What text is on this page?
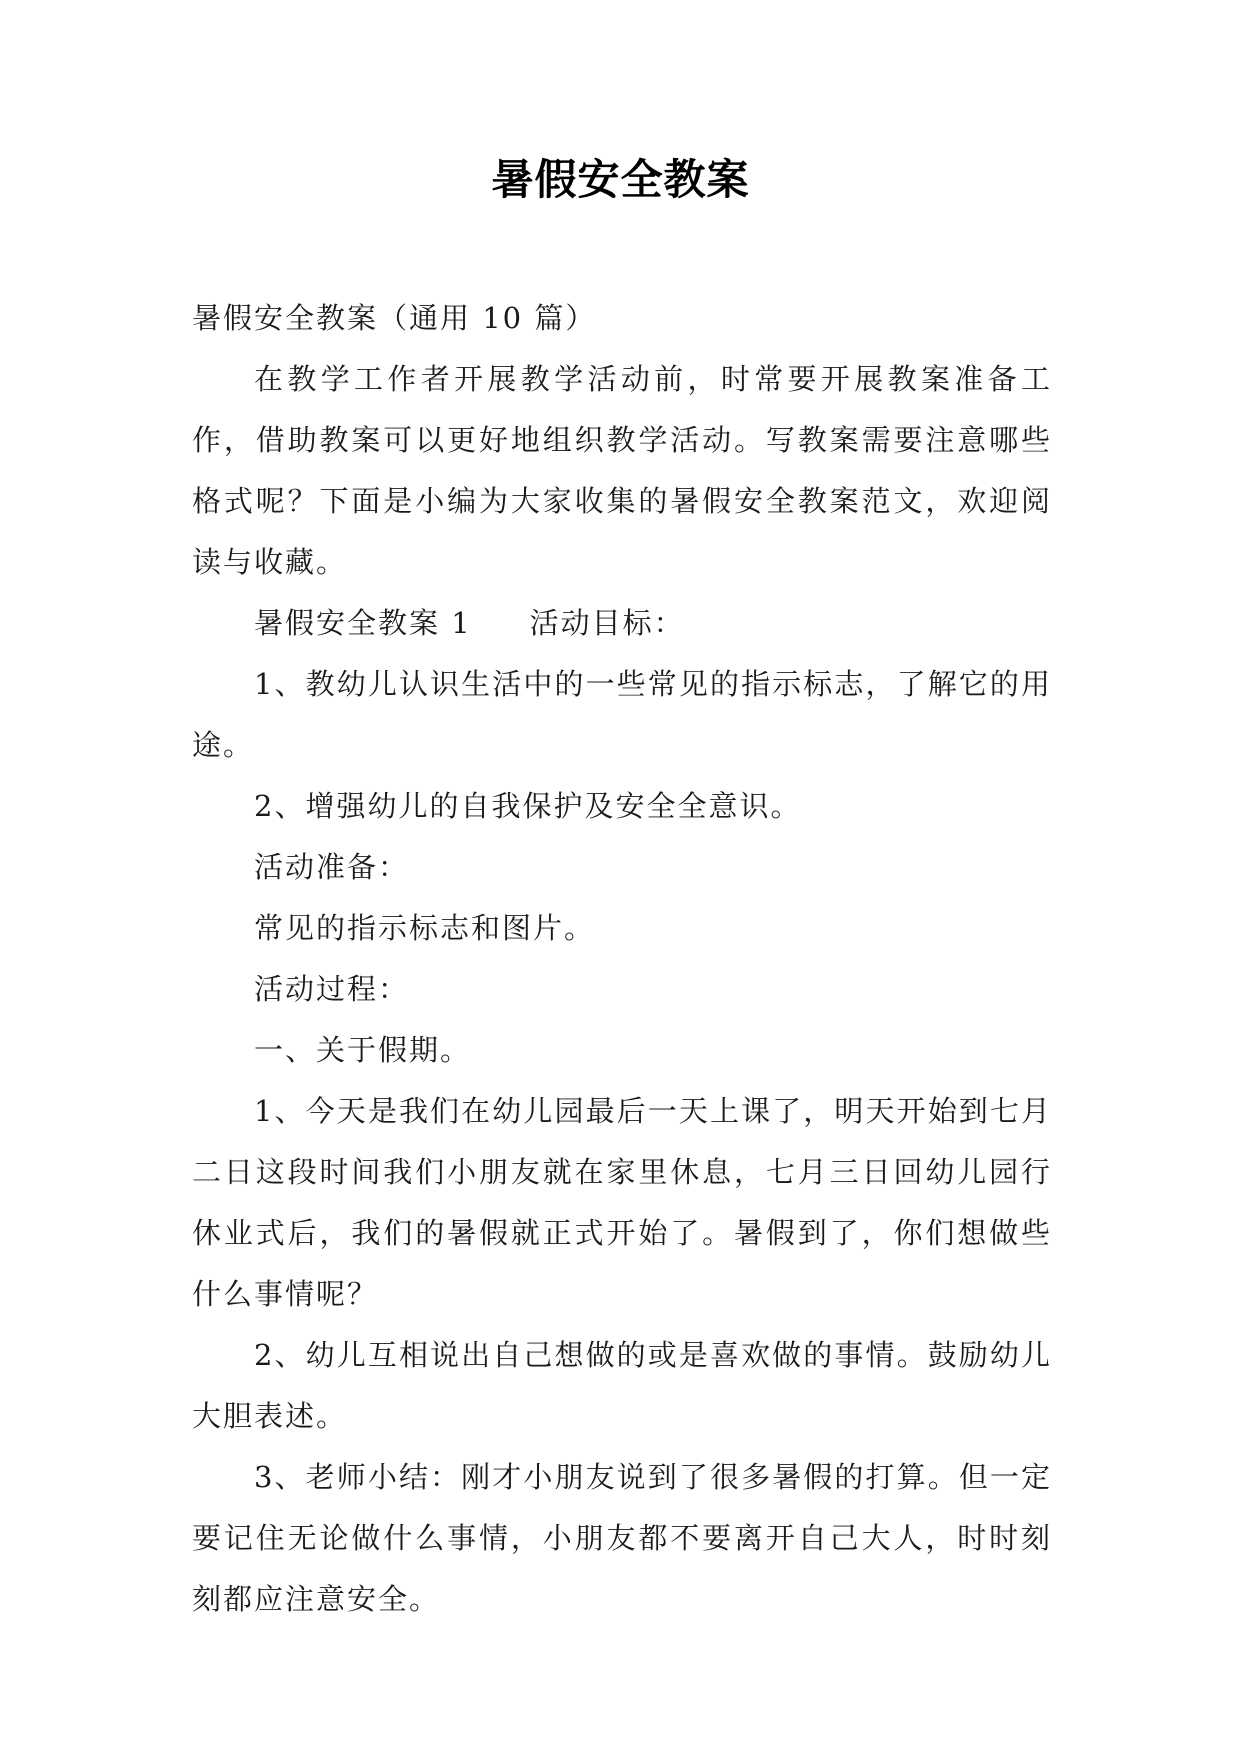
暑假安全教案

暑假安全教案（通用 10 篇）

在教学工作者开展教学活动前，时常要开展教案准备工作，借助教案可以更好地组织教学活动。写教案需要注意哪些格式呢？下面是小编为大家收集的暑假安全教案范文，欢迎阅读与收藏。

暑假安全教案 1 活动目标：

1、教幼儿认识生活中的一些常见的指示标志，了解它的用途。

2、增强幼儿的自我保护及安全全意识。

活动准备：

常见的指示标志和图片。

活动过程：

一、关于假期。

1、今天是我们在幼儿园最后一天上课了，明天开始到七月二日这段时间我们小朋友就在家里休息，七月三日回幼儿园行休业式后，我们的暑假就正式开始了。暑假到了，你们想做些什么事情呢？

2、幼儿互相说出自己想做的或是喜欢做的事情。鼓励幼儿大胆表述。

3、老师小结：刚才小朋友说到了很多暑假的打算。但一定要记住无论做什么事情，小朋友都不要离开自己大人，时时刻刻都应注意安全。
